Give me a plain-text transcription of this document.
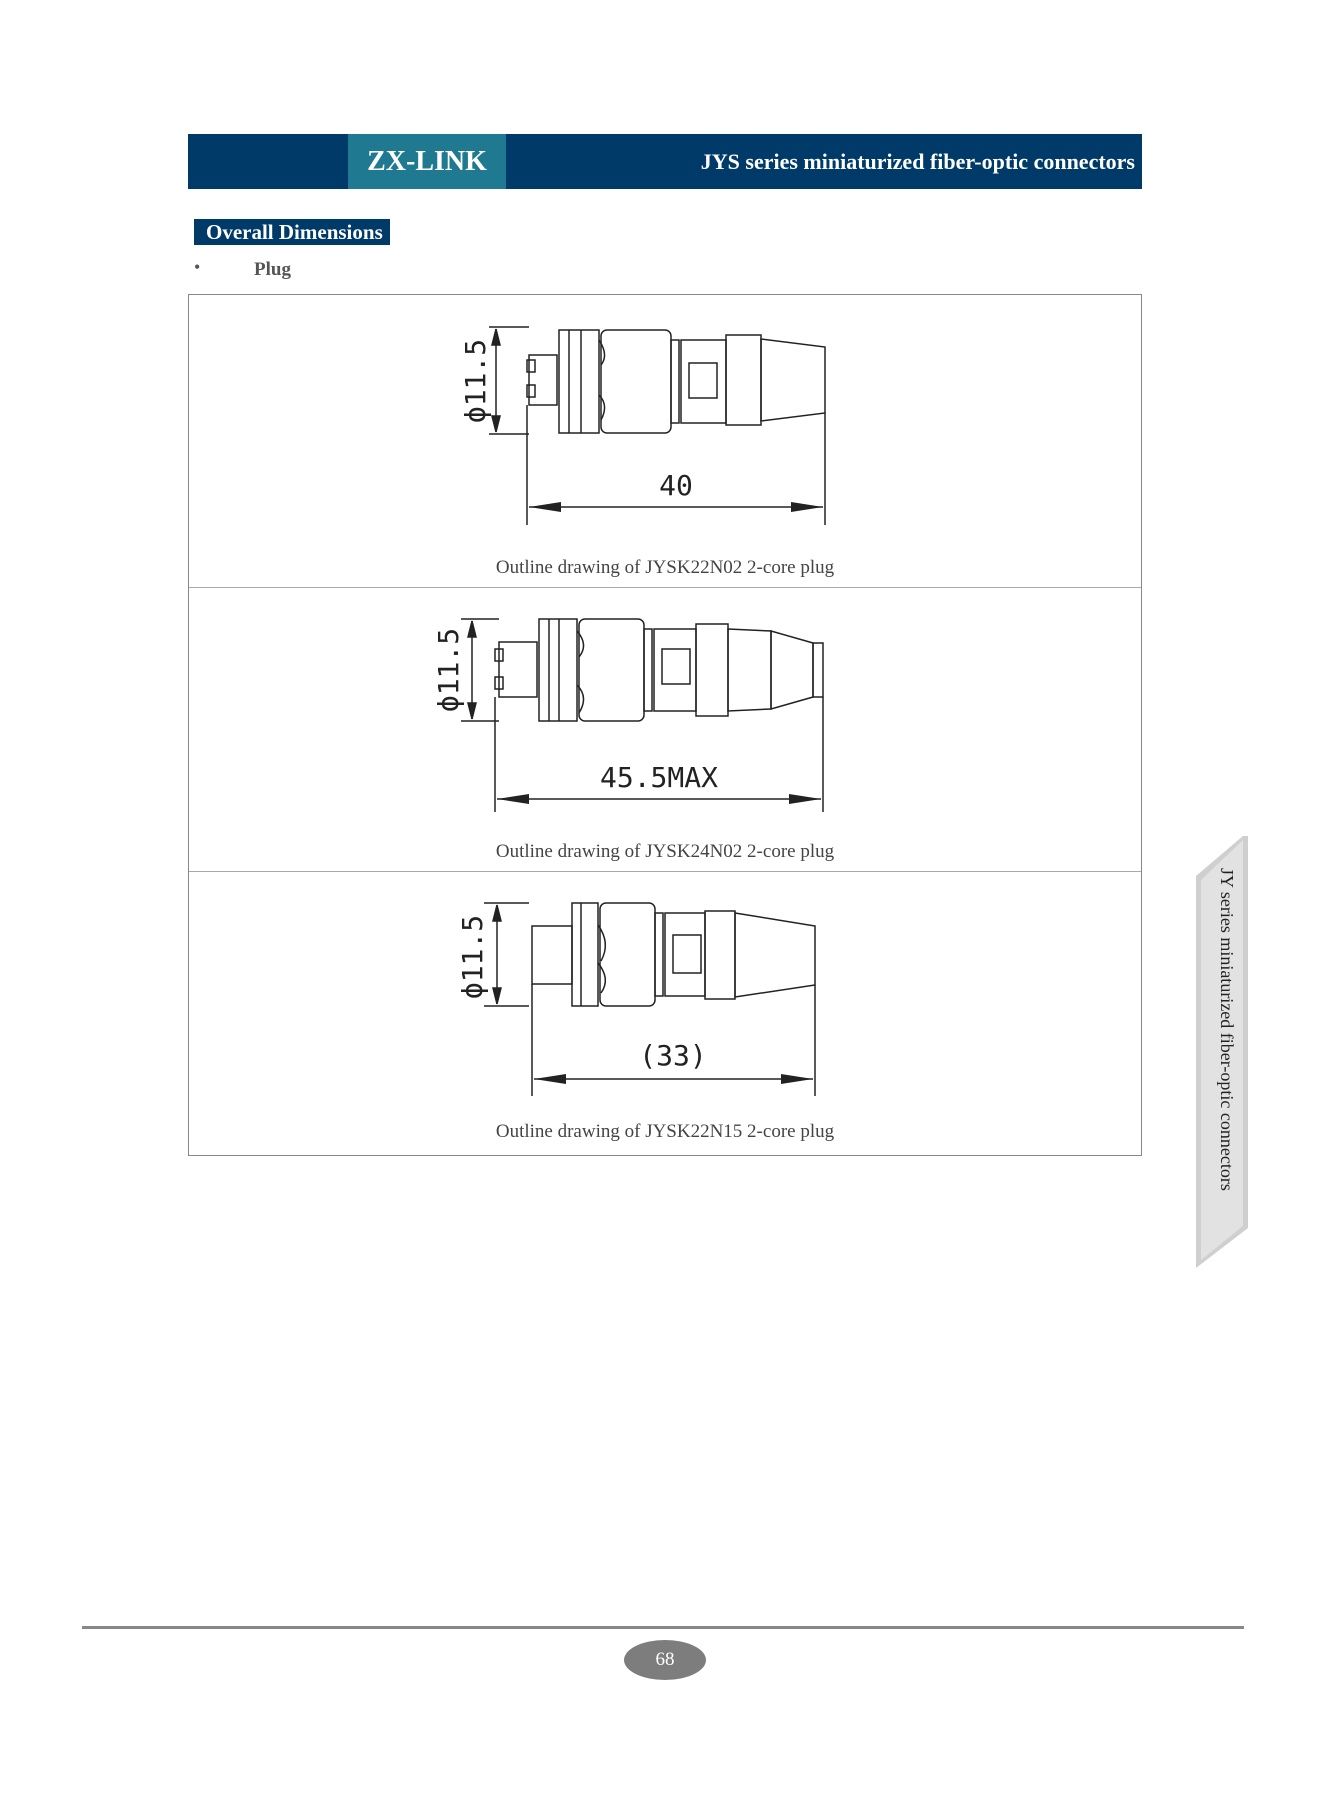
ZX-LINK	JYS series miniaturized fiber-optic connectors
Overall Dimensions
•	Plug
ϕ11.5
40
Outline drawing of JYSK22N02 2-core plug
ϕ11.5
45.5MAX
Outline drawing of JYSK24N02 2-core plug
ϕ11.5
(33)
Outline drawing of JYSK22N15 2-core plug	JY series miniaturized fiber-optic connectors
68
